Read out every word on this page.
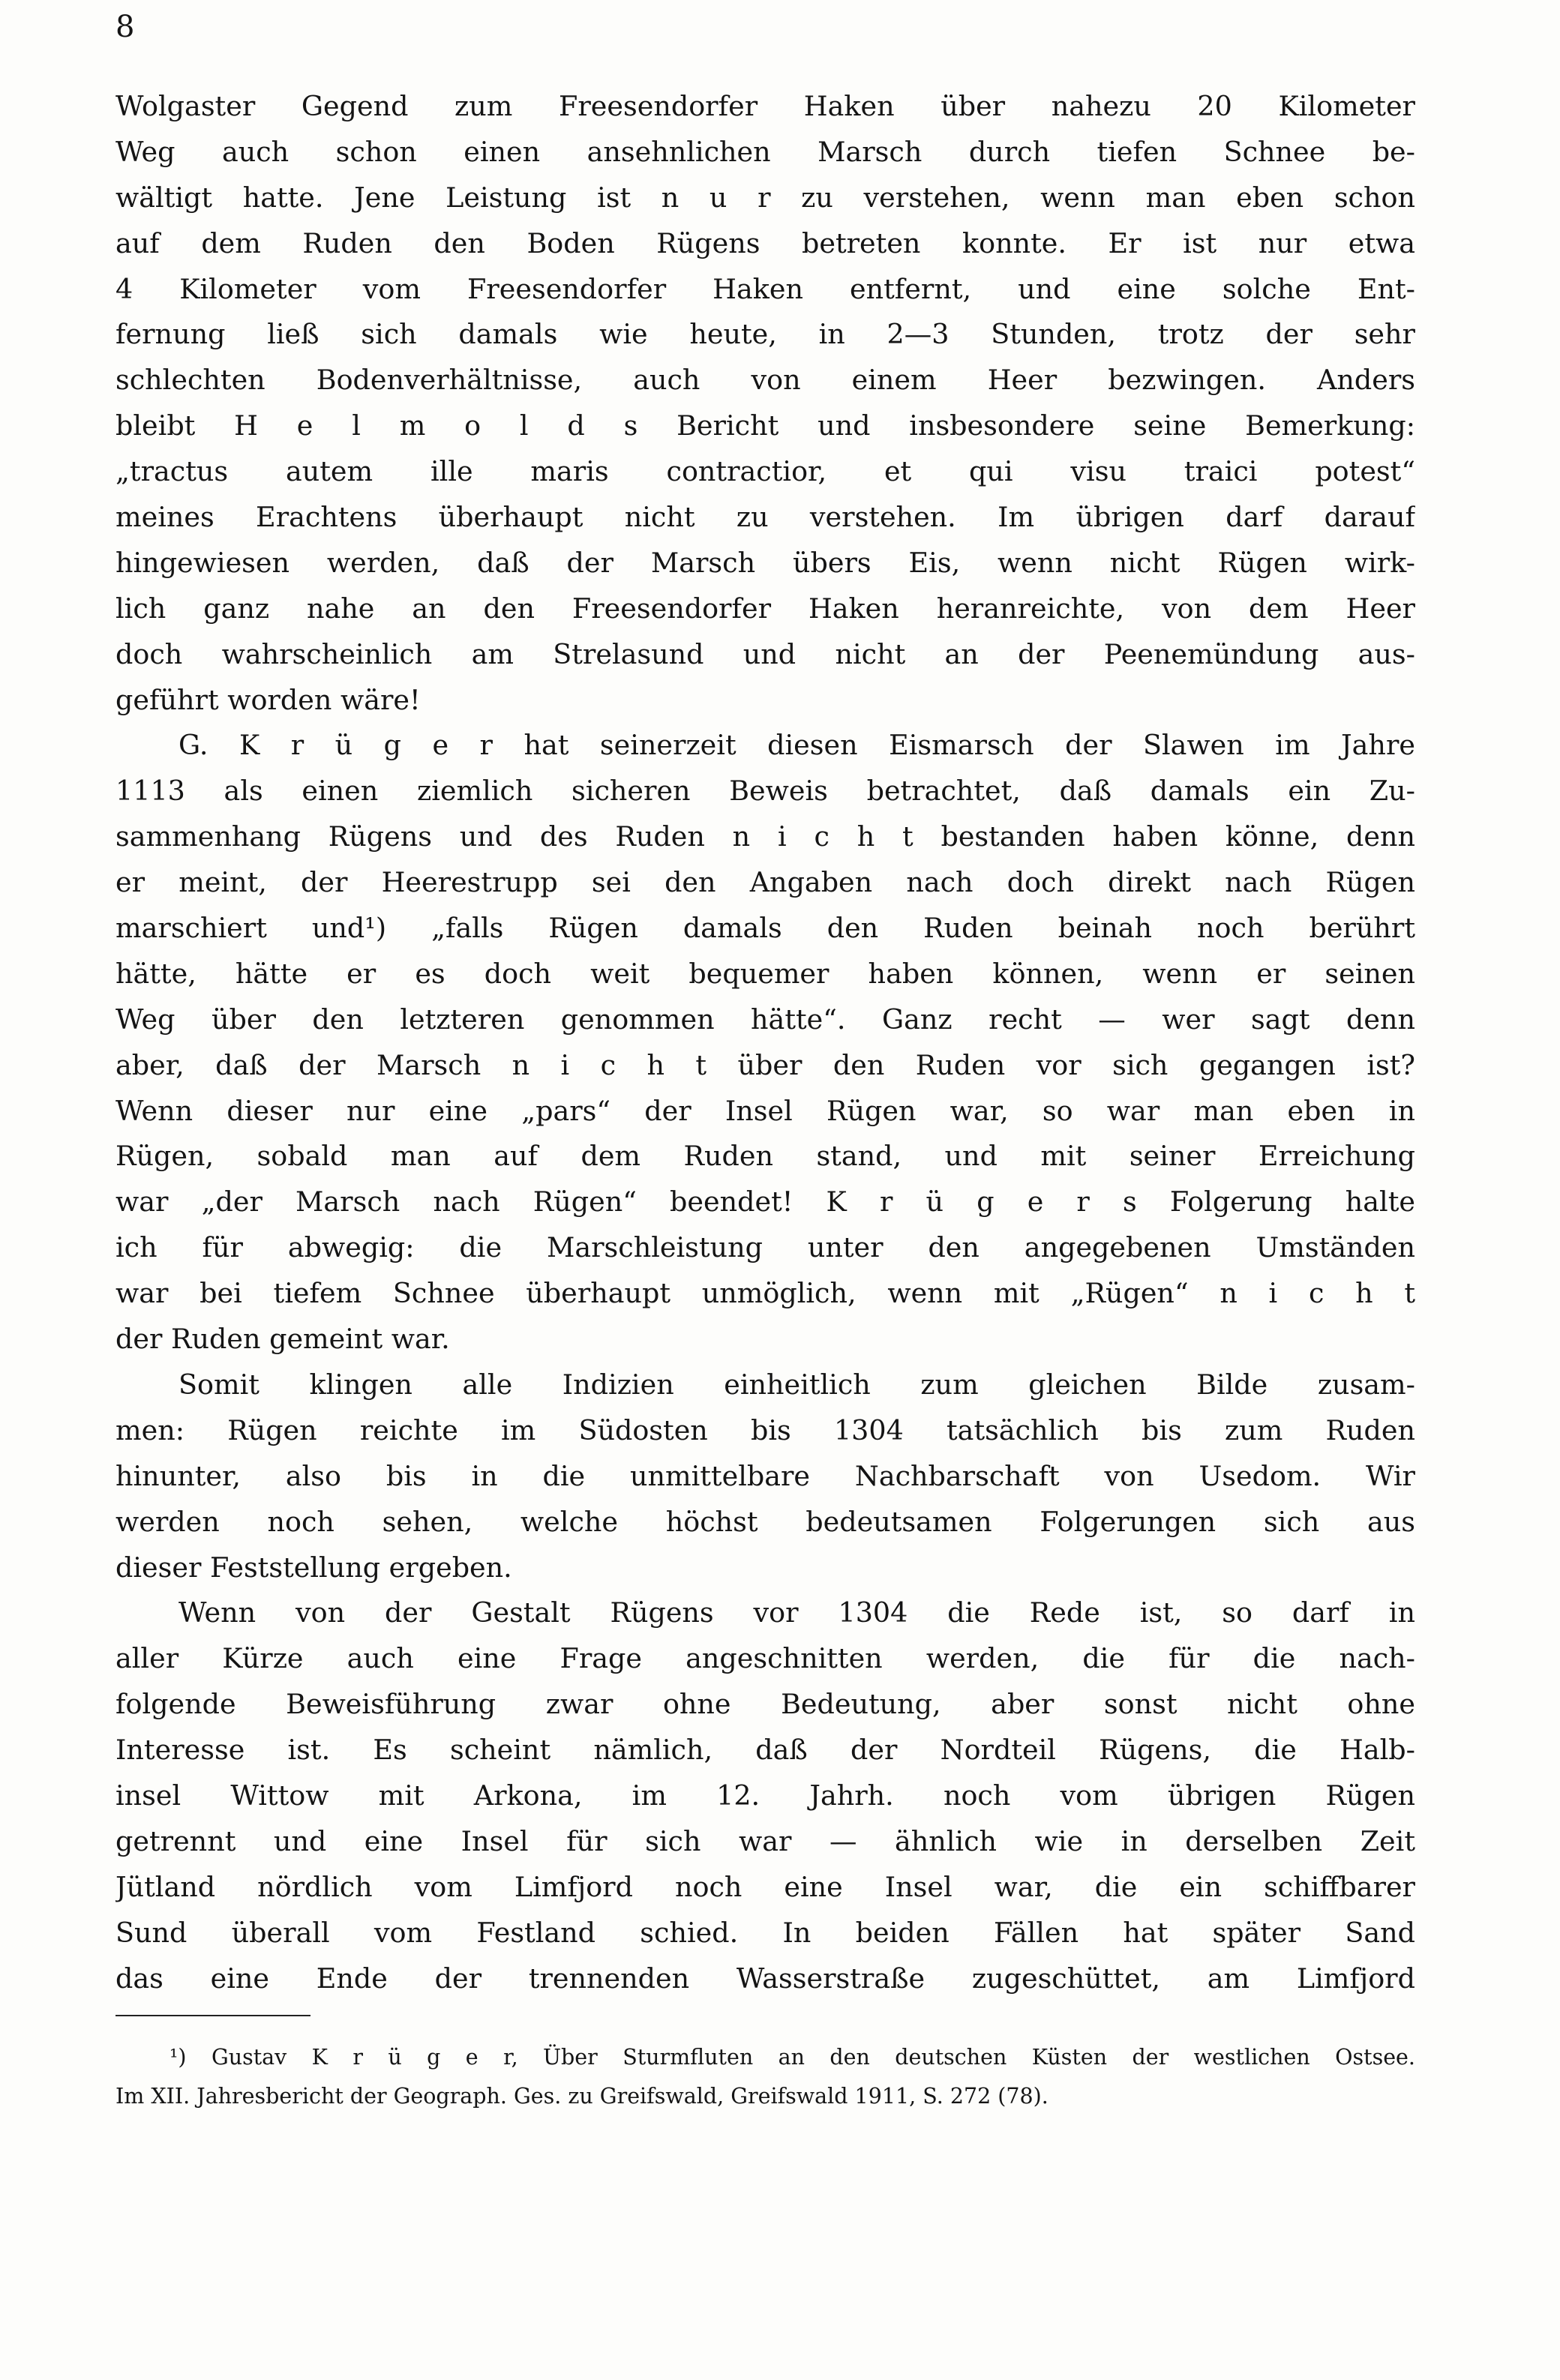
8
Wolgaster Gegend zum Freesendorfer Haken über nahezu 20 Kilometer
Weg auch schon einen ansehnlichen Marsch durch tiefen Schnee be-
wältigt hatte. Jene Leistung ist n u r zu verstehen, wenn man eben schon
auf dem Ruden den Boden Rügens betreten konnte. Er ist nur etwa
4 Kilometer vom Freesendorfer Haken entfernt, und eine solche Ent-
fernung ließ sich damals wie heute, in 2—3 Stunden, trotz der sehr
schlechten Bodenverhältnisse, auch von einem Heer bezwingen. Anders
bleibt H e l m o l d s Bericht und insbesondere seine Bemerkung:
„tractus autem ille maris contractior, et qui visu traici potest“
meines Erachtens überhaupt nicht zu verstehen. Im übrigen darf darauf
hingewiesen werden, daß der Marsch übers Eis, wenn nicht Rügen wirk-
lich ganz nahe an den Freesendorfer Haken heranreichte, von dem Heer
doch wahrscheinlich am Strelasund und nicht an der Peenemündung aus-
geführt worden wäre!
G. K r ü g e r hat seinerzeit diesen Eismarsch der Slawen im Jahre
1113 als einen ziemlich sicheren Beweis betrachtet, daß damals ein Zu-
sammenhang Rügens und des Ruden n i c h t bestanden haben könne, denn
er meint, der Heerestrupp sei den Angaben nach doch direkt nach Rügen
marschiert und¹) „falls Rügen damals den Ruden beinah noch berührt
hätte, hätte er es doch weit bequemer haben können, wenn er seinen
Weg über den letzteren genommen hätte“. Ganz recht — wer sagt denn
aber, daß der Marsch n i c h t über den Ruden vor sich gegangen ist?
Wenn dieser nur eine „pars“ der Insel Rügen war, so war man eben in
Rügen, sobald man auf dem Ruden stand, und mit seiner Erreichung
war „der Marsch nach Rügen“ beendet! K r ü g e r s Folgerung halte
ich für abwegig: die Marschleistung unter den angegebenen Umständen
war bei tiefem Schnee überhaupt unmöglich, wenn mit „Rügen“ n i c h t
der Ruden gemeint war.
Somit klingen alle Indizien einheitlich zum gleichen Bilde zusam-
men: Rügen reichte im Südosten bis 1304 tatsächlich bis zum Ruden
hinunter, also bis in die unmittelbare Nachbarschaft von Usedom. Wir
werden noch sehen, welche höchst bedeutsamen Folgerungen sich aus
dieser Feststellung ergeben.
Wenn von der Gestalt Rügens vor 1304 die Rede ist, so darf in
aller Kürze auch eine Frage angeschnitten werden, die für die nach-
folgende Beweisführung zwar ohne Bedeutung, aber sonst nicht ohne
Interesse ist. Es scheint nämlich, daß der Nordteil Rügens, die Halb-
insel Wittow mit Arkona, im 12. Jahrh. noch vom übrigen Rügen
getrennt und eine Insel für sich war — ähnlich wie in derselben Zeit
Jütland nördlich vom Limfjord noch eine Insel war, die ein schiffbarer
Sund überall vom Festland schied. In beiden Fällen hat später Sand
das eine Ende der trennenden Wasserstraße zugeschüttet, am Limfjord
¹) Gustav K r ü g e r, Über Sturmfluten an den deutschen Küsten der westlichen Ostsee.
Im XII. Jahresbericht der Geograph. Ges. zu Greifswald, Greifswald 1911, S. 272 (78).
